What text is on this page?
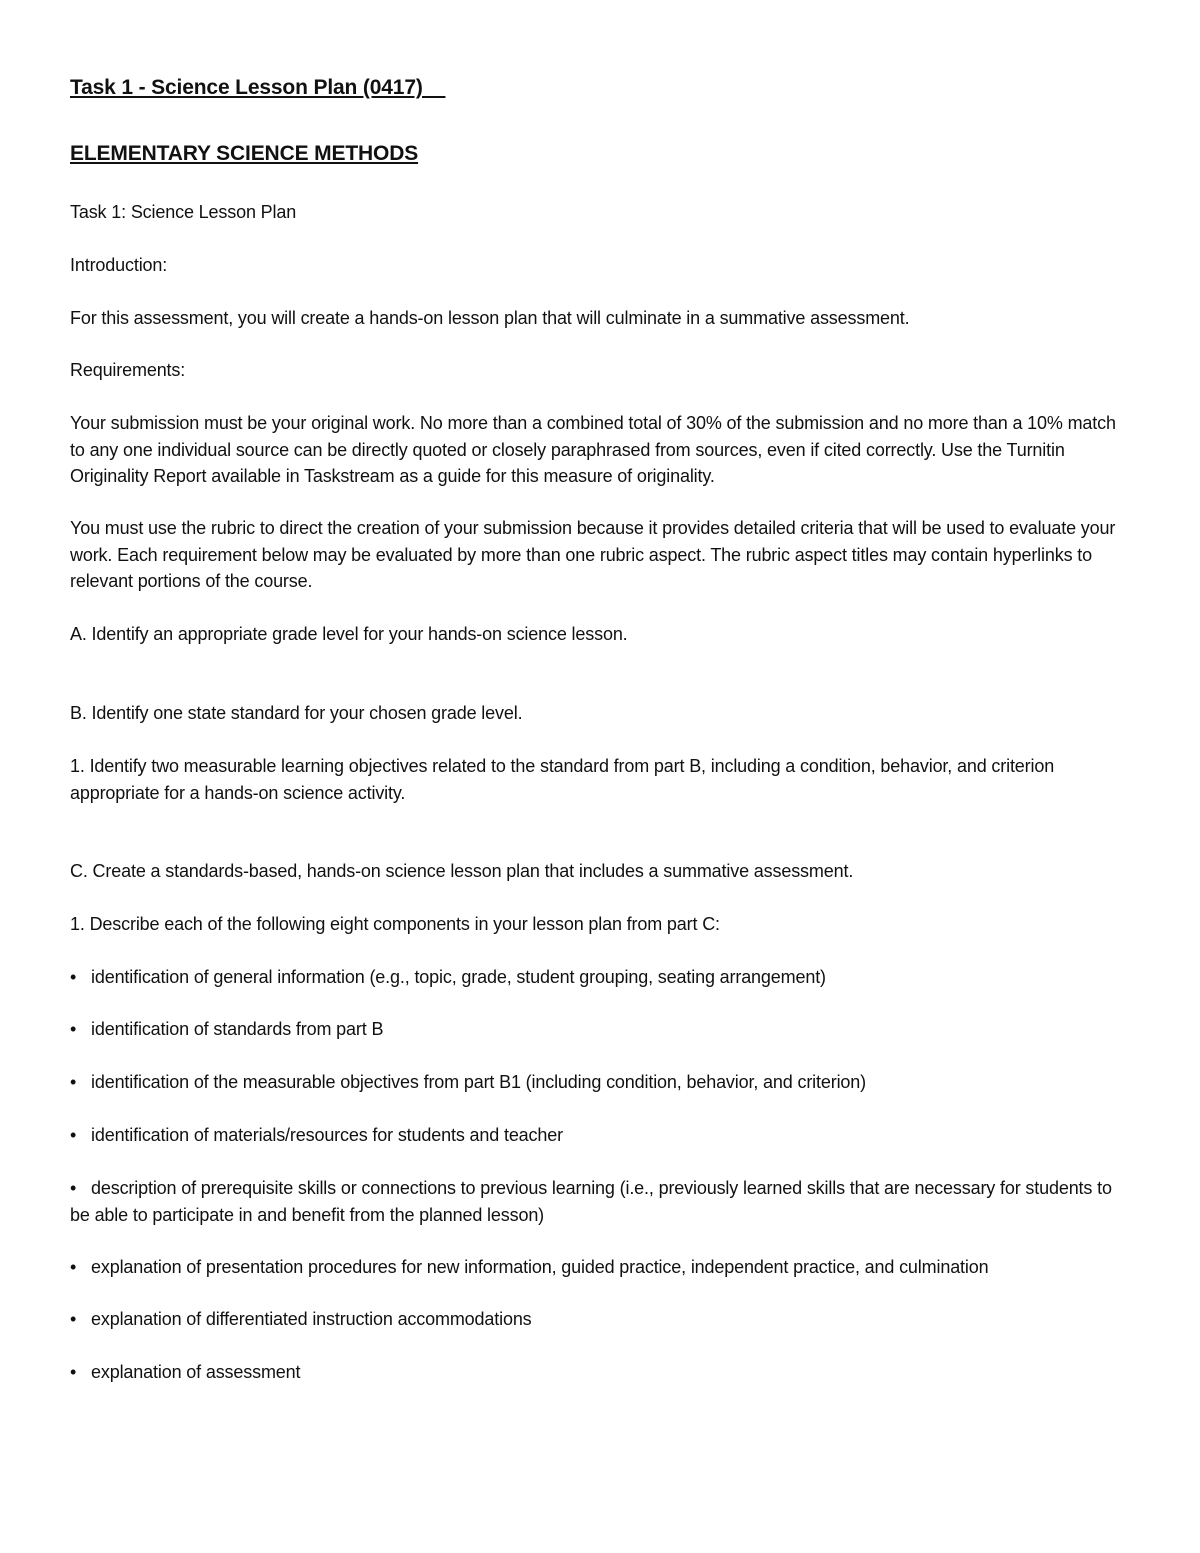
Task 1 - Science Lesson Plan (0417)

ELEMENTARY SCIENCE METHODS

Task 1: Science Lesson Plan

Introduction:

For this assessment, you will create a hands-on lesson plan that will culminate in a summative assessment.

Requirements:

Your submission must be your original work. No more than a combined total of 30% of the submission and no more than a 10% match to any one individual source can be directly quoted or closely paraphrased from sources, even if cited correctly. Use the Turnitin Originality Report available in Taskstream as a guide for this measure of originality.

You must use the rubric to direct the creation of your submission because it provides detailed criteria that will be used to evaluate your work. Each requirement below may be evaluated by more than one rubric aspect. The rubric aspect titles may contain hyperlinks to relevant portions of the course.

A. Identify an appropriate grade level for your hands-on science lesson.

B. Identify one state standard for your chosen grade level.

1. Identify two measurable learning objectives related to the standard from part B, including a condition, behavior, and criterion appropriate for a hands-on science activity.

C. Create a standards-based, hands-on science lesson plan that includes a summative assessment.

1. Describe each of the following eight components in your lesson plan from part C:

• identification of general information (e.g., topic, grade, student grouping, seating arrangement)

• identification of standards from part B

• identification of the measurable objectives from part B1 (including condition, behavior, and criterion)

• identification of materials/resources for students and teacher

• description of prerequisite skills or connections to previous learning (i.e., previously learned skills that are necessary for students to be able to participate in and benefit from the planned lesson)

• explanation of presentation procedures for new information, guided practice, independent practice, and culmination

• explanation of differentiated instruction accommodations

• explanation of assessment
